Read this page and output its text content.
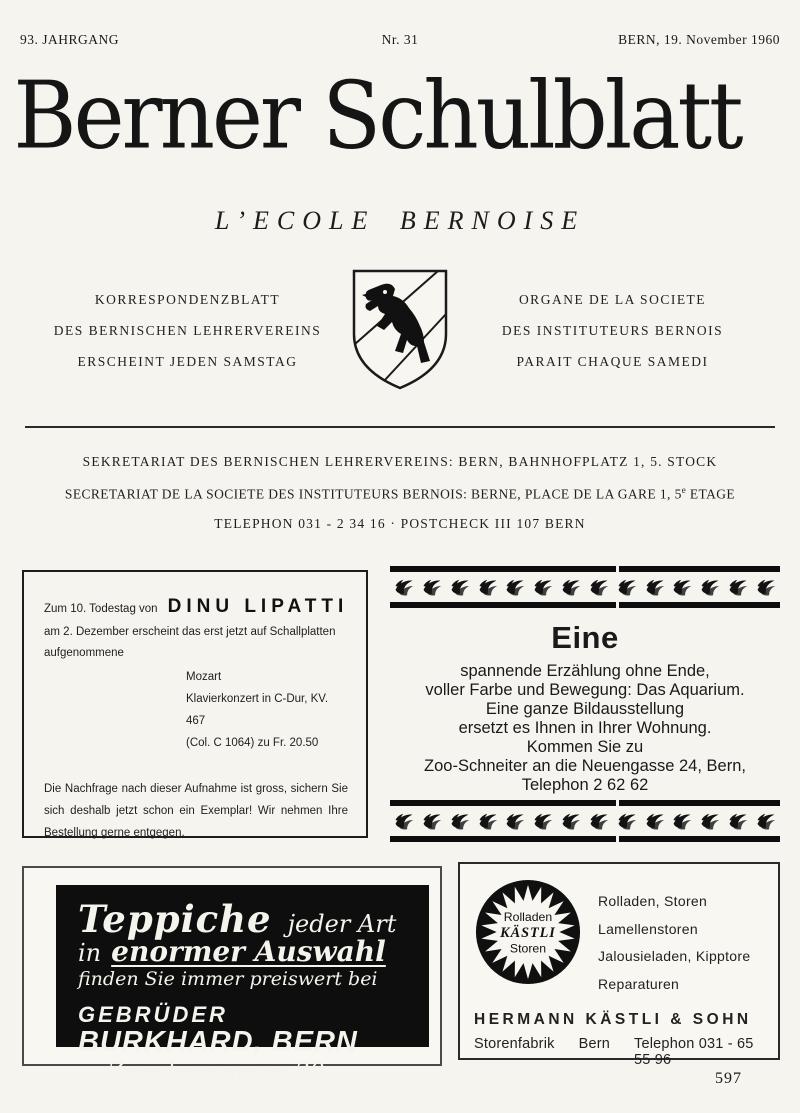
93. JAHRGANG	Nr. 31	BERN, 19. November 1960
Berner Schulblatt
L’ECOLE BERNOISE
KORRESPONDENZBLATT
DES BERNISCHEN LEHRERVEREINS
ERSCHEINT JEDEN SAMSTAG
ORGANE DE LA SOCIETE
DES INSTITUTEURS BERNOIS
PARAIT CHAQUE SAMEDI
SEKRETARIAT DES BERNISCHEN LEHRERVEREINS: BERN, BAHNHOFPLATZ 1, 5. STOCK
SECRETARIAT DE LA SOCIETE DES INSTITUTEURS BERNOIS: BERNE, PLACE DE LA GARE 1, 5e ETAGE
TELEPHON 031 - 2 34 16 · POSTCHECK III 107 BERN
Zum 10. Todestag von DINU LIPATTI
am 2. Dezember erscheint das erst jetzt auf Schallplatten
aufgenommene
Mozart
Klavierkonzert in C-Dur, KV. 467
(Col. C 1064) zu Fr. 20.50

Die Nachfrage nach dieser Aufnahme ist gross, sichern Sie sich deshalb jetzt schon ein Exemplar! Wir nehmen Ihre Bestellung gerne entgegen.

Eine
spannende Erzählung ohne Ende,
voller Farbe und Bewegung: Das Aquarium.
Eine ganze Bildausstellung
ersetzt es Ihnen in Ihrer Wohnung.
Kommen Sie zu
Zoo-Schneiter an die Neuengasse 24, Bern,
Telephon 2 62 62
Teppiche jeder Art
in enormer Auswahl
finden Sie immer preiswert bei
GEBRÜDER
BURKHARD, BERN
Zeughausgasse 20
Rolladen
KÄSTLI
Storen
Rolladen, Storen
Lamellenstoren
Jalousieladen, Kipptore
Reparaturen
HERMANN KÄSTLI & SOHN
Storenfabrik Bern Telephon 031 - 65 55 96
597
